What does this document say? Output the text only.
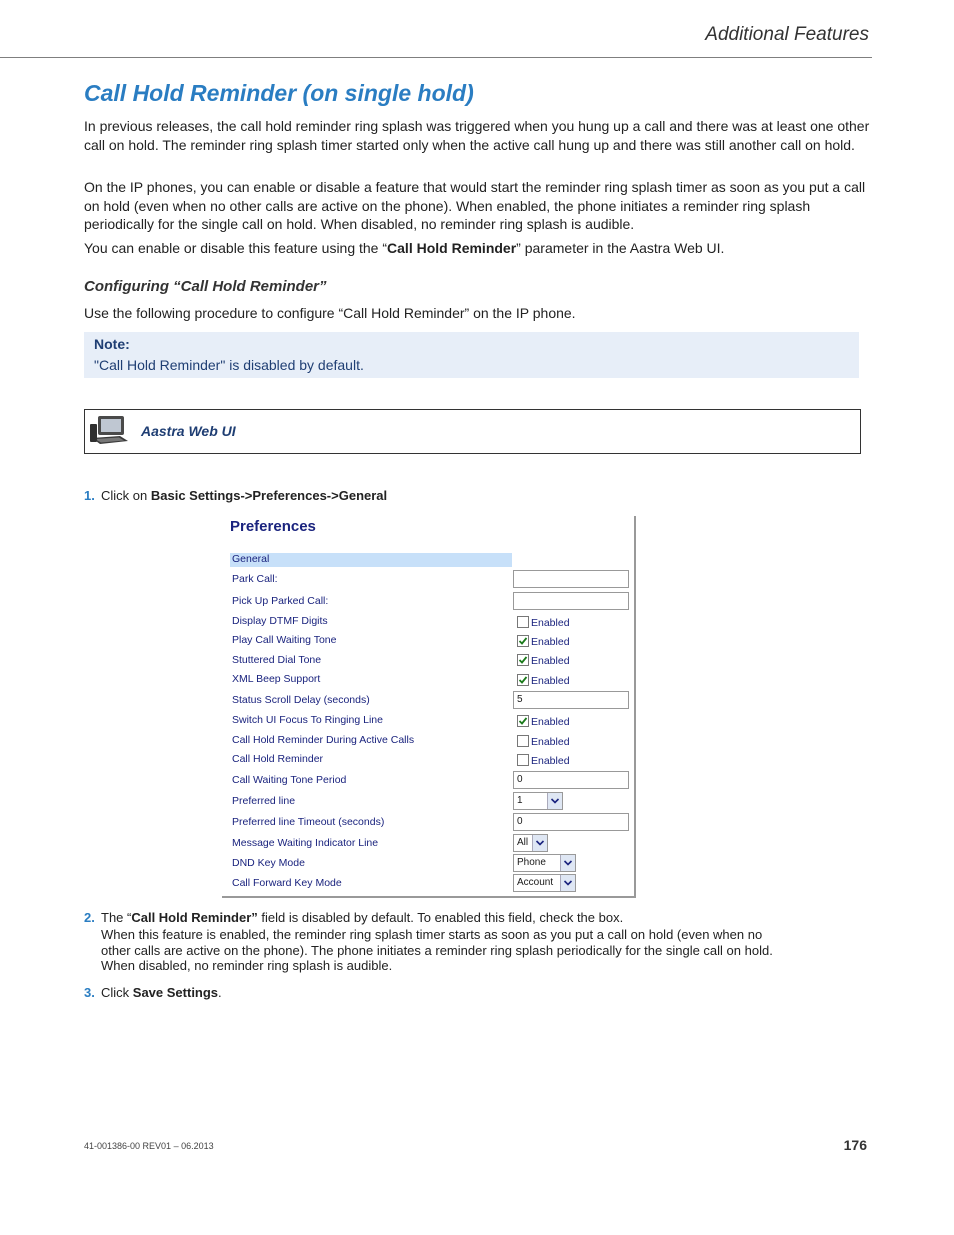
Additional Features
Call Hold Reminder (on single hold)
In previous releases, the call hold reminder ring splash was triggered when you hung up a call and there was at least one other call on hold. The reminder ring splash timer started only when the active call hung up and there was still another call on hold.
On the IP phones, you can enable or disable a feature that would start the reminder ring splash timer as soon as you put a call on hold (even when no other calls are active on the phone). When enabled, the phone initiates a reminder ring splash periodically for the single call on hold. When disabled, no reminder ring splash is audible.
You can enable or disable this feature using the “Call Hold Reminder” parameter in the Aastra Web UI.
Configuring “Call Hold Reminder”
Use the following procedure to configure “Call Hold Reminder” on the IP phone.
Note:
"Call Hold Reminder" is disabled by default.
Aastra Web UI
1. Click on Basic Settings->Preferences->General
Preferences
General
Park Call:
Pick Up Parked Call:
Display DTMF Digits	Enabled
Play Call Waiting Tone	Enabled
Stuttered Dial Tone	Enabled
XML Beep Support	Enabled
Status Scroll Delay (seconds)	5
Switch UI Focus To Ringing Line	Enabled
Call Hold Reminder During Active Calls	Enabled
Call Hold Reminder	Enabled
Call Waiting Tone Period	0
Preferred line	1
Preferred line Timeout (seconds)	0
Message Waiting Indicator Line	All
DND Key Mode	Phone
Call Forward Key Mode	Account
2. The “Call Hold Reminder” field is disabled by default. To enabled this field, check the box.
When this feature is enabled, the reminder ring splash timer starts as soon as you put a call on hold (even when no other calls are active on the phone). The phone initiates a reminder ring splash periodically for the single call on hold. When disabled, no reminder ring splash is audible.
3. Click Save Settings.
41-001386-00 REV01 – 06.2013	176
